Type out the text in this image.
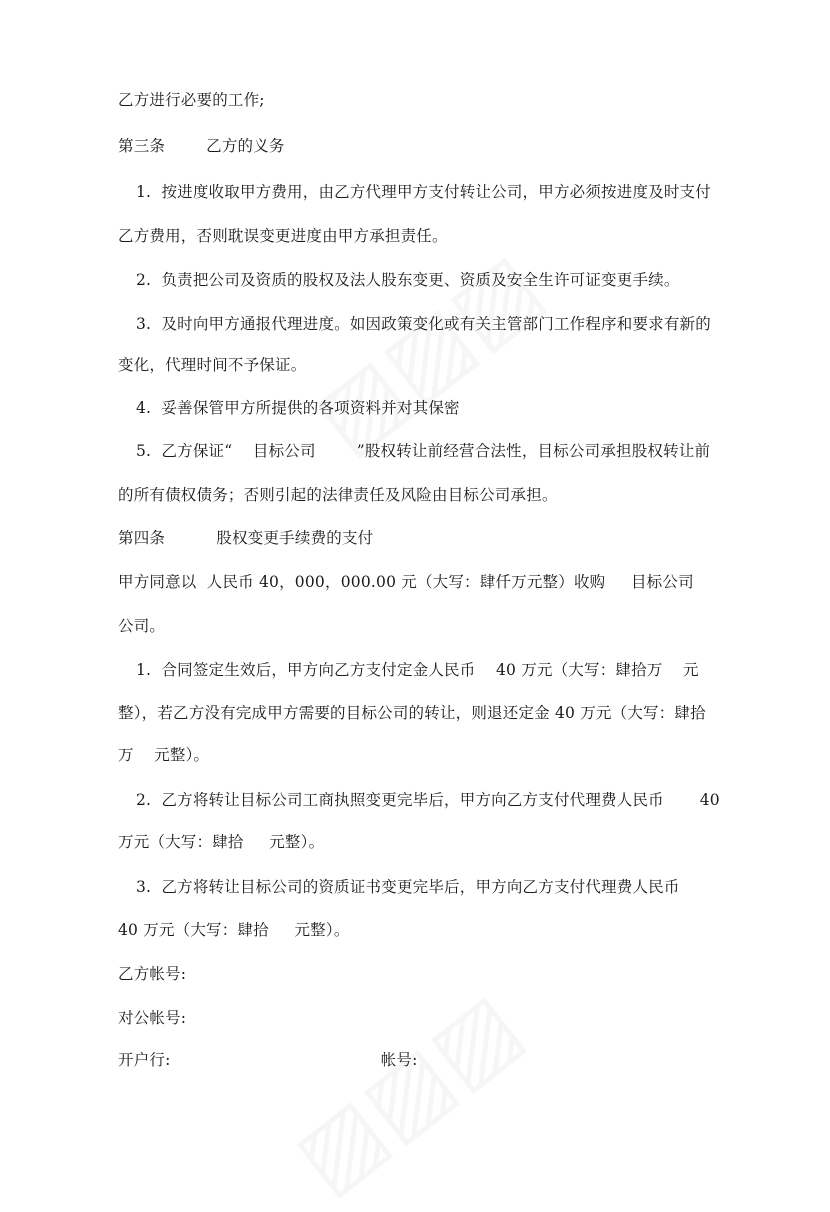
乙方进行必要的工作;
第三条        乙方的义务
1.  按进度收取甲方费用，由乙方代理甲方支付转让公司，甲方必须按进度及时支付
乙方费用，否则耽误变更进度由甲方承担责任。
2.  负责把公司及资质的股权及法人股东变更、资质及安全生许可证变更手续。
3.  及时向甲方通报代理进度。如因政策变化或有关主管部门工作程序和要求有新的
变化，代理时间不予保证。
4.  妥善保管甲方所提供的各项资料并对其保密
5.  乙方保证“    目标公司        ”股权转让前经营合法性，目标公司承担股权转让前
的所有债权债务；否则引起的法律责任及风险由目标公司承担。
第四条          股权变更手续费的支付
甲方同意以  人民币 40，000，000.00 元（大写：肆仟万元整）收购     目标公司
公司。
1.  合同签定生效后，甲方向乙方支付定金人民币    40 万元（大写：肆拾万    元
整），若乙方没有完成甲方需要的目标公司的转让，则退还定金 40 万元（大写：肆拾
万    元整）。
2.  乙方将转让目标公司工商执照变更完毕后，甲方向乙方支付代理费人民币       40
万元（大写：肆拾     元整）。
3.  乙方将转让目标公司的资质证书变更完毕后，甲方向乙方支付代理费人民币
40 万元（大写：肆拾     元整）。
乙方帐号:
对公帐号:
开户行:                                         帐号:
